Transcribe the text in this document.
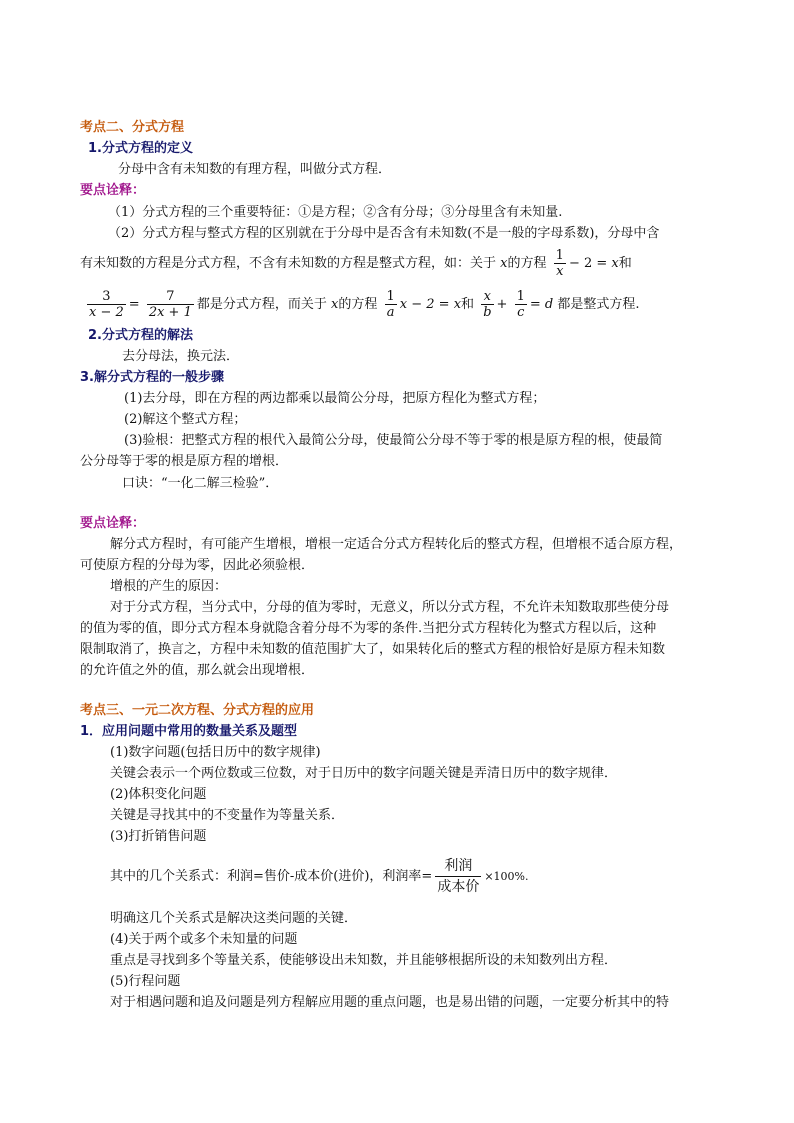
考点二、分式方程
1.分式方程的定义
分母中含有未知数的有理方程，叫做分式方程．
要点诠释：
（1）分式方程的三个重要特征：①是方程；②含有分母；③分母里含有未知量.
（2）分式方程与整式方程的区别就在于分母中是否含有未知数(不是一般的字母系数)，分母中含
有未知数的方程是分式方程，不含有未知数的方程是整式方程，如：关于 x的方程 $\frac{1}{x} - 2 = x$和
$\frac{3}{x - 2} = \frac{7}{2x + 1}$ 都是分式方程，而关于 x的方程 $\frac{1}{a}$ x − 2 = x和 $\frac{x}{b} + \frac{1}{c} = d$ 都是整式方程.
2.分式方程的解法
去分母法，换元法．
3.解分式方程的一般步骤
(1)去分母，即在方程的两边都乘以最简公分母，把原方程化为整式方程；
(2)解这个整式方程；
(3)验根：把整式方程的根代入最简公分母，使最简公分母不等于零的根是原方程的根，使最简
公分母等于零的根是原方程的增根．
口诀：“一化二解三检验”．
要点诠释：
解分式方程时，有可能产生增根，增根一定适合分式方程转化后的整式方程，但增根不适合原方程，
可使原方程的分母为零，因此必须验根．
增根的产生的原因：
对于分式方程，当分式中，分母的值为零时，无意义，所以分式方程，不允许未知数取那些使分母
的值为零的值，即分式方程本身就隐含着分母不为零的条件.当把分式方程转化为整式方程以后，这种
限制取消了，换言之，方程中未知数的值范围扩大了，如果转化后的整式方程的根恰好是原方程未知数
的允许值之外的值，那么就会出现增根．
考点三、一元二次方程、分式方程的应用
1．应用问题中常用的数量关系及题型
(1)数字问题(包括日历中的数字规律)
关键会表示一个两位数或三位数，对于日历中的数字问题关键是弄清日历中的数字规律．
(2)体积变化问题
关键是寻找其中的不变量作为等量关系．
(3)打折销售问题
其中的几个关系式：利润=售价-成本价(进价)，利润率= $\frac{\text{利润}}{\text{成本价}} \times 100\%$.
明确这几个关系式是解决这类问题的关键．
(4)关于两个或多个未知量的问题
重点是寻找到多个等量关系，使能够设出未知数，并且能够根据所设的未知数列出方程．
(5)行程问题
对于相遇问题和追及问题是列方程解应用题的重点问题，也是易出错的问题，一定要分析其中的特
